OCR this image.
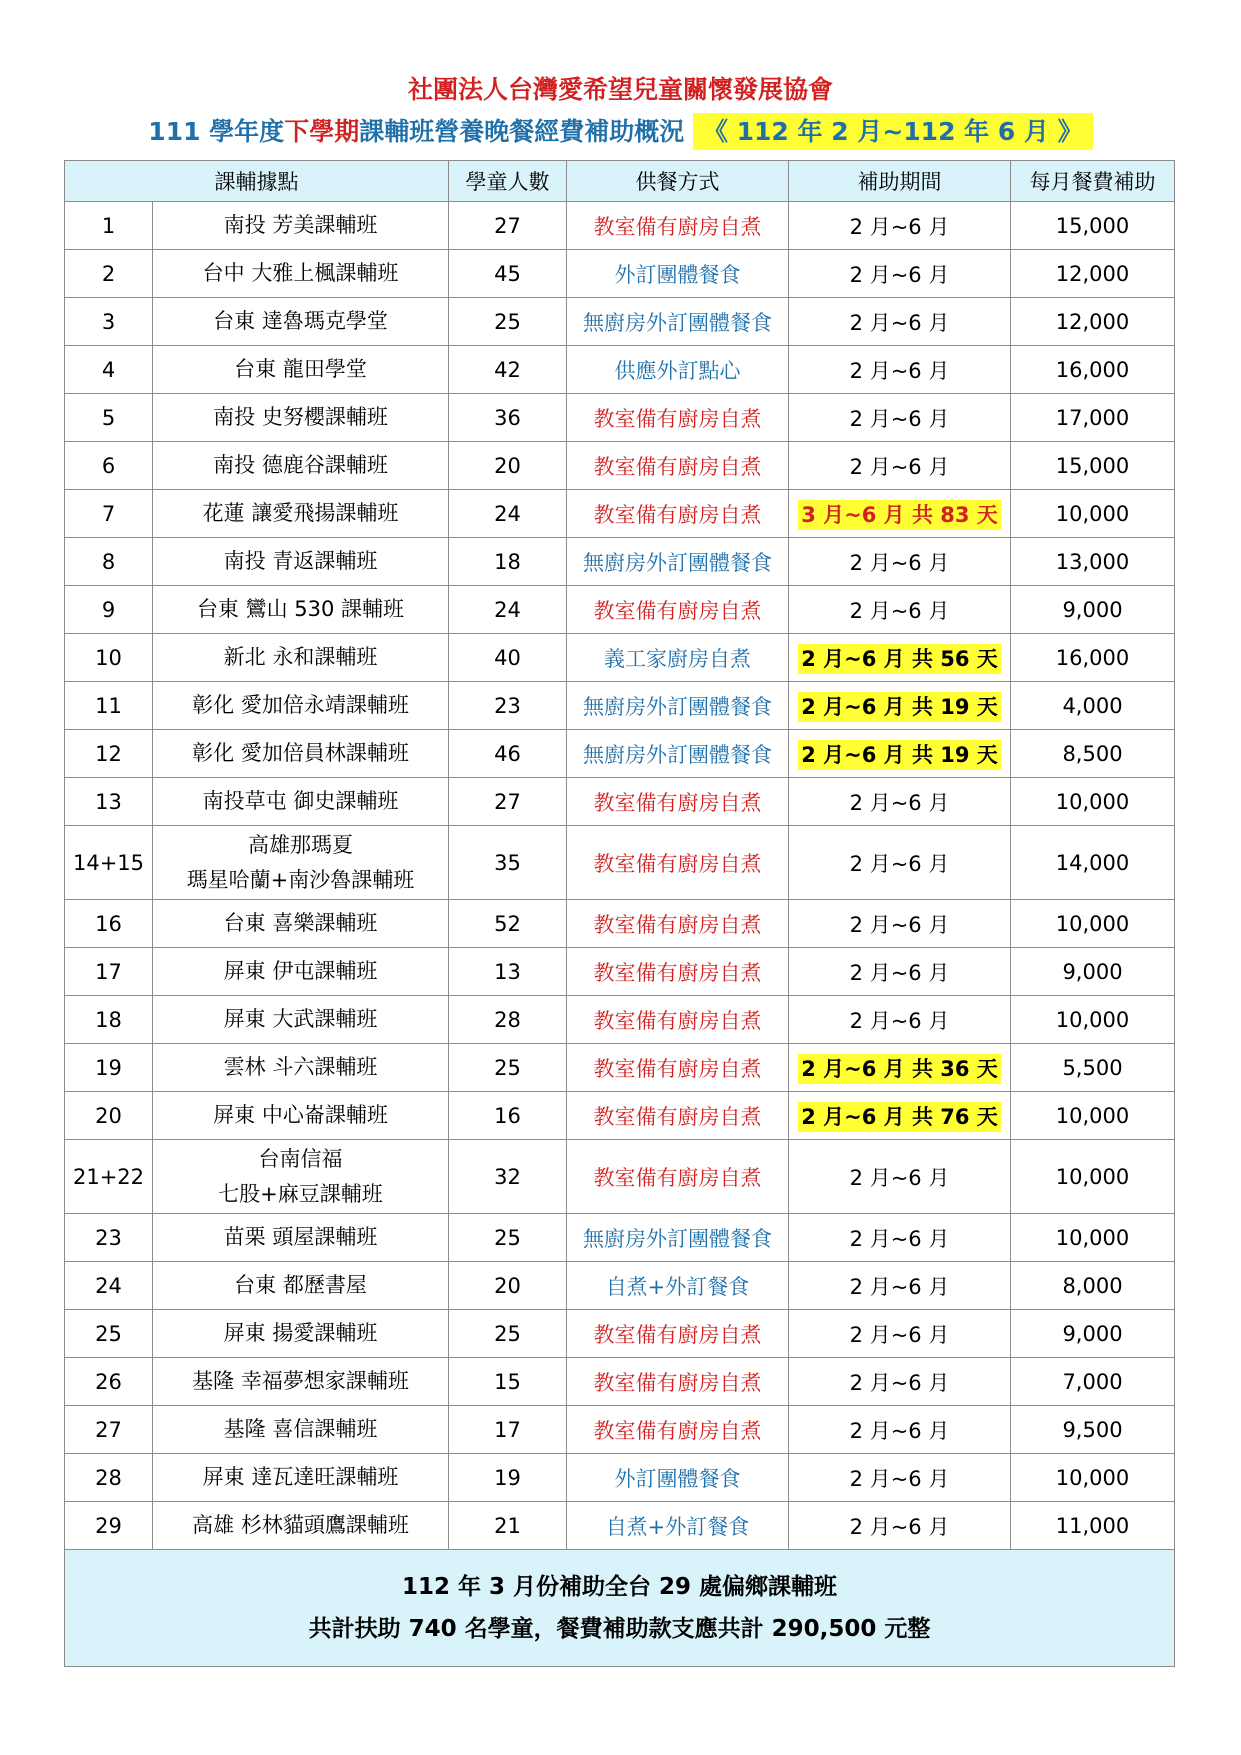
社團法人台灣愛希望兒童關懷發展協會
111 學年度下學期課輔班營養晚餐經費補助概況 《 112 年 2 月~112 年 6 月 》
課輔據點		學童人數	供餐方式	補助期間	每月餐費補助
1	南投 芳美課輔班	27	教室備有廚房自煮	2 月~6 月	15,000
2	台中 大雅上楓課輔班	45	外訂團體餐食	2 月~6 月	12,000
3	台東 達魯瑪克學堂	25	無廚房外訂團體餐食	2 月~6 月	12,000
4	台東 龍田學堂	42	供應外訂點心	2 月~6 月	16,000
5	南投 史努櫻課輔班	36	教室備有廚房自煮	2 月~6 月	17,000
6	南投 德鹿谷課輔班	20	教室備有廚房自煮	2 月~6 月	15,000
7	花蓮 讓愛飛揚課輔班	24	教室備有廚房自煮	3 月~6 月 共 83 天	10,000
8	南投 青返課輔班	18	無廚房外訂團體餐食	2 月~6 月	13,000
9	台東 鸞山 530 課輔班	24	教室備有廚房自煮	2 月~6 月	9,000
10	新北 永和課輔班	40	義工家廚房自煮	2 月~6 月 共 56 天	16,000
11	彰化 愛加倍永靖課輔班	23	無廚房外訂團體餐食	2 月~6 月 共 19 天	4,000
12	彰化 愛加倍員林課輔班	46	無廚房外訂團體餐食	2 月~6 月 共 19 天	8,500
13	南投草屯 御史課輔班	27	教室備有廚房自煮	2 月~6 月	10,000
14+15	高雄那瑪夏
瑪星哈蘭+南沙魯課輔班	35	教室備有廚房自煮	2 月~6 月	14,000
16	台東 喜樂課輔班	52	教室備有廚房自煮	2 月~6 月	10,000
17	屏東 伊屯課輔班	13	教室備有廚房自煮	2 月~6 月	9,000
18	屏東 大武課輔班	28	教室備有廚房自煮	2 月~6 月	10,000
19	雲林 斗六課輔班	25	教室備有廚房自煮	2 月~6 月 共 36 天	5,500
20	屏東 中心崙課輔班	16	教室備有廚房自煮	2 月~6 月 共 76 天	10,000
21+22	台南信福
七股+麻豆課輔班	32	教室備有廚房自煮	2 月~6 月	10,000
23	苗栗 頭屋課輔班	25	無廚房外訂團體餐食	2 月~6 月	10,000
24	台東 都歷書屋	20	自煮+外訂餐食	2 月~6 月	8,000
25	屏東 揚愛課輔班	25	教室備有廚房自煮	2 月~6 月	9,000
26	基隆 幸福夢想家課輔班	15	教室備有廚房自煮	2 月~6 月	7,000
27	基隆 喜信課輔班	17	教室備有廚房自煮	2 月~6 月	9,500
28	屏東 達瓦達旺課輔班	19	外訂團體餐食	2 月~6 月	10,000
29	高雄 杉林貓頭鷹課輔班	21	自煮+外訂餐食	2 月~6 月	11,000

112 年 3 月份補助全台 29 處偏鄉課輔班
共計扶助 740 名學童，餐費補助款支應共計 290,500 元整					
